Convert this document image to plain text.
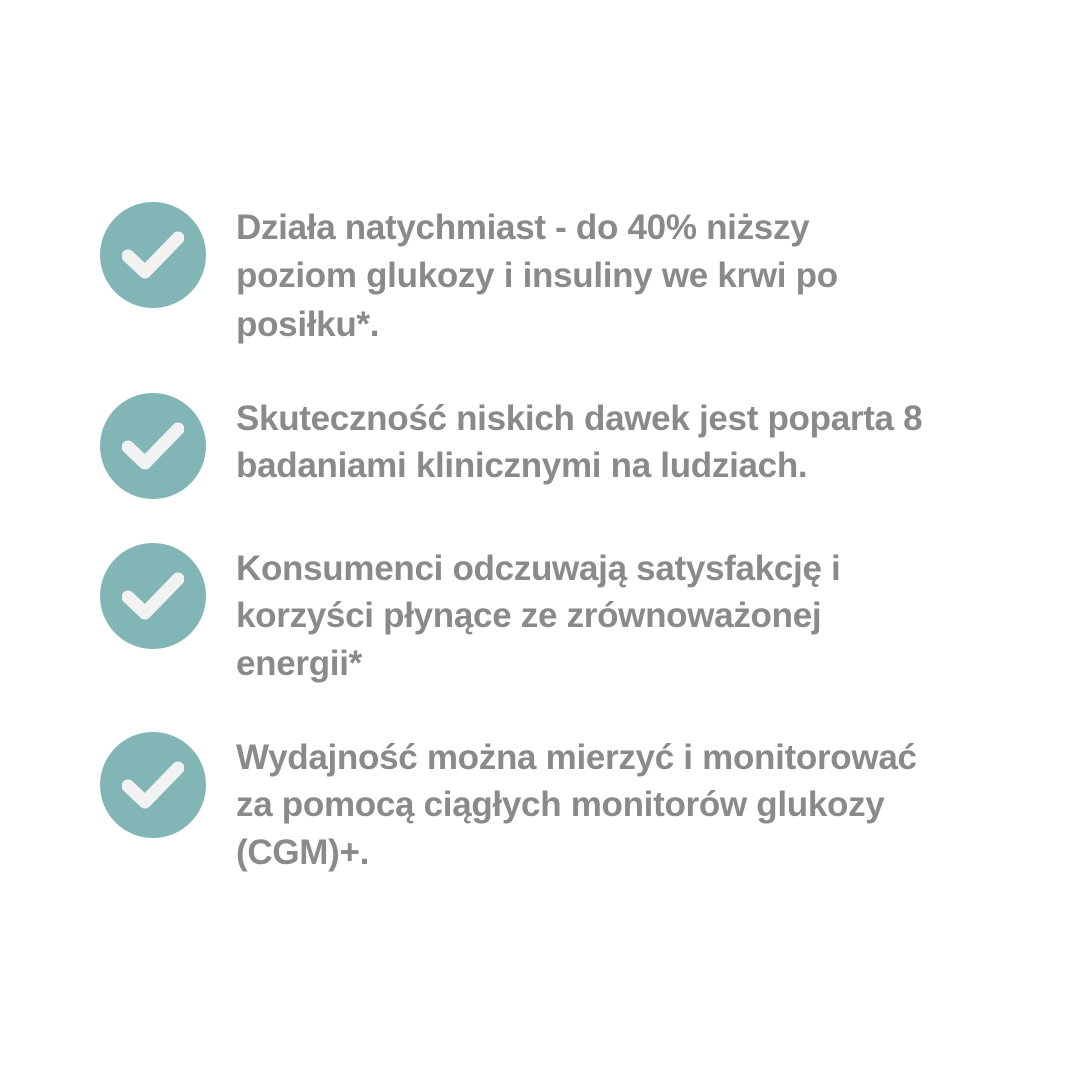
Działa natychmiast - do 40% niższy poziom glukozy i insuliny we krwi po posiłku*.
Skuteczność niskich dawek jest poparta 8 badaniami klinicznymi na ludziach.
Konsumenci odczuwają satysfakcję i korzyści płynące ze zrównoważonej energii*
Wydajność można mierzyć i monitorować za pomocą ciągłych monitorów glukozy (CGM)+.
